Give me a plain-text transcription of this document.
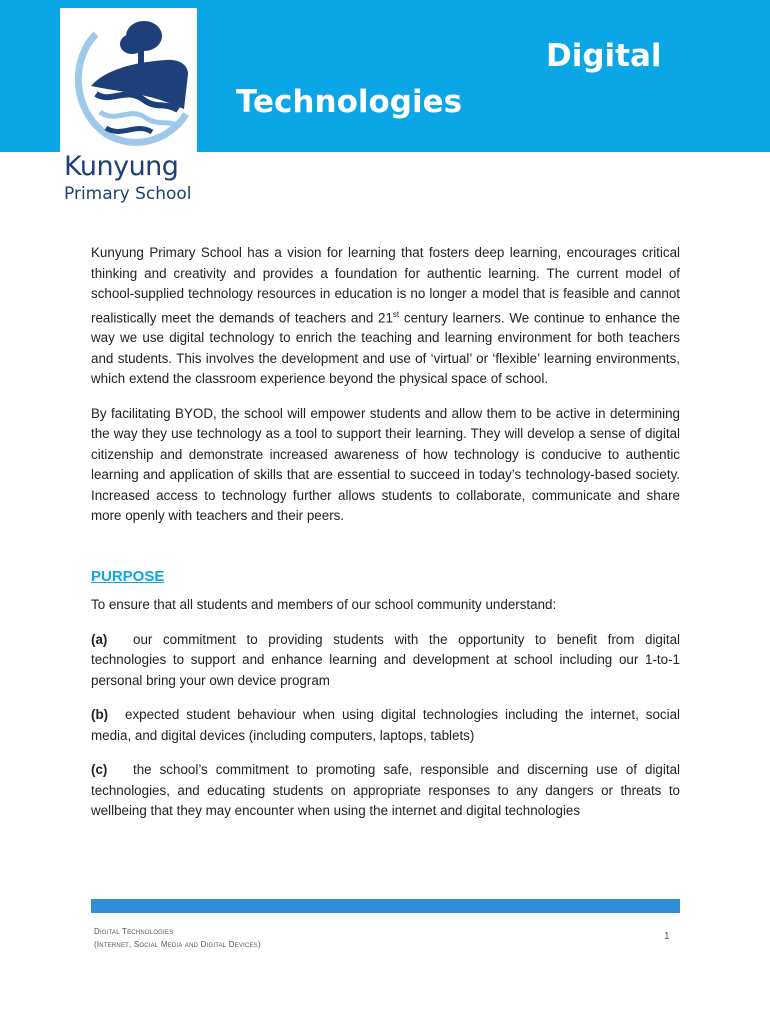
Digital
Technologies
Kunyung
Primary School

Kunyung Primary School has a vision for learning that fosters deep learning, encourages critical thinking and creativity and provides a foundation for authentic learning. The current model of school-supplied technology resources in education is no longer a model that is feasible and cannot realistically meet the demands of teachers and 21st century learners. We continue to enhance the way we use digital technology to enrich the teaching and learning environment for both teachers and students. This involves the development and use of ‘virtual’ or ‘flexible’ learning environments, which extend the classroom experience beyond the physical space of school.

By facilitating BYOD, the school will empower students and allow them to be active in determining the way they use technology as a tool to support their learning. They will develop a sense of digital citizenship and demonstrate increased awareness of how technology is conducive to authentic learning and application of skills that are essential to succeed in today’s technology-based society. Increased access to technology further allows students to collaborate, communicate and share more openly with teachers and their peers.

PURPOSE

To ensure that all students and members of our school community understand:

(a) our commitment to providing students with the opportunity to benefit from digital technologies to support and enhance learning and development at school including our 1-to-1 personal bring your own device program

(b) expected student behaviour when using digital technologies including the internet, social media, and digital devices (including computers, laptops, tablets)

(c) the school’s commitment to promoting safe, responsible and discerning use of digital technologies, and educating students on appropriate responses to any dangers or threats to wellbeing that they may encounter when using the internet and digital technologies

Digital Technologies
(Internet, Social Media and Digital Devices)
1
